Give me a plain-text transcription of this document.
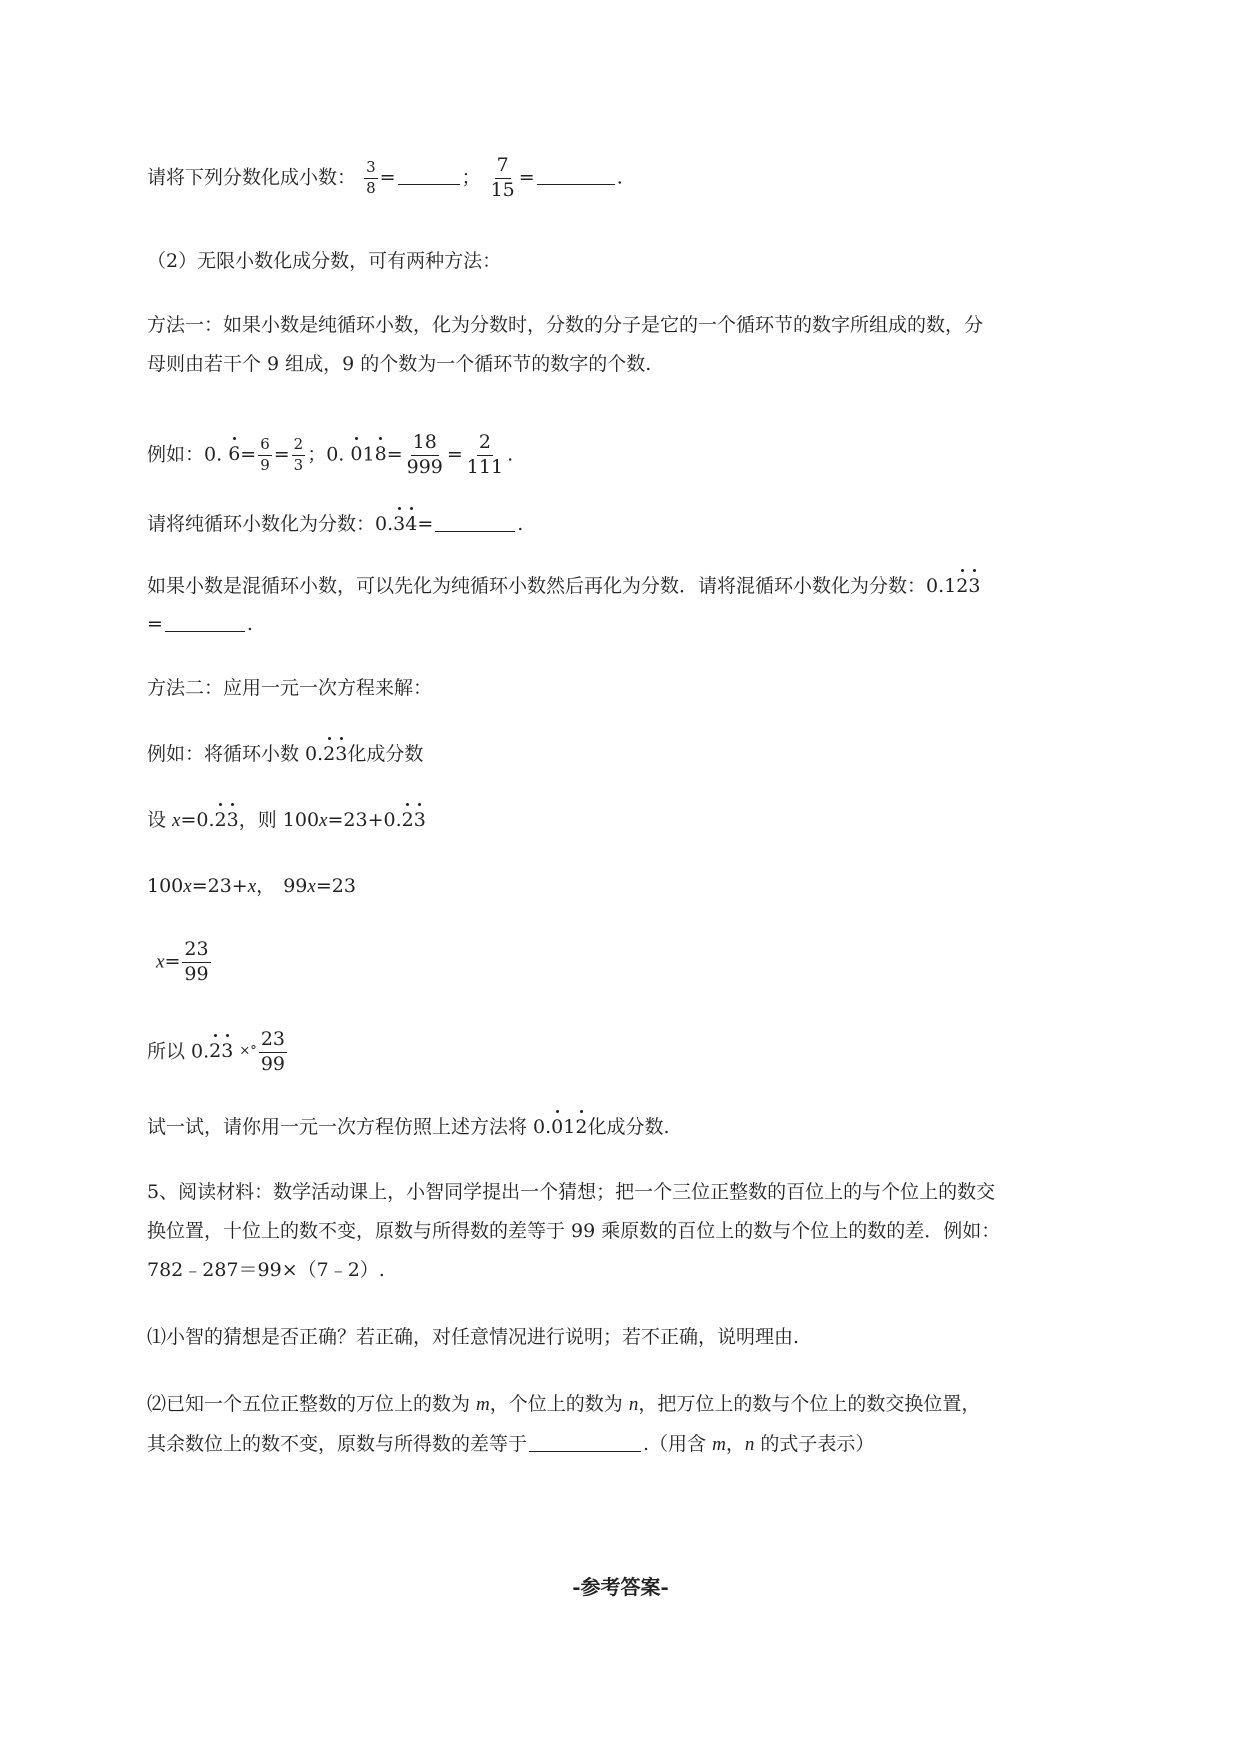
请将下列分数化成小数： $\frac{3}{8}$ =	； $\frac{7}{15}$ =	.
（2）无限小数化成分数，可有两种方法：
方法一：如果小数是纯循环小数，化为分数时，分数的分子是它的一个循环节的数字所组成的数，分
母则由若干个 9 组成，9 的个数为一个循环节的数字的个数.
例如：0. $6= \frac{6}{9} = \frac{2}{3}$ ；0. $018= \frac{18}{999} = \frac{2}{111}$ .
请将纯循环小数化为分数：0.34=	.
如果小数是混循环小数，可以先化为纯循环小数然后再化为分数．请将混循环小数化为分数：0.123
=	.
方法二：应用一元一次方程来解：
例如：将循环小数 0.23化成分数
设 x=0.23，则 100x=23+0.23
100x=23+x， 99x=23
$x= \frac{23}{99}$
所以 0.23 ×° $\frac{23}{99}$
试一试，请你用一元一次方程仿照上述方法将 0.012化成分数.
5、阅读材料：数学活动课上，小智同学提出一个猜想；把一个三位正整数的百位上的与个位上的数交
换位置，十位上的数不变，原数与所得数的差等于 99 乘原数的百位上的数与个位上的数的差．例如：
782﹣287＝99×（7﹣2）.
⑴小智的猜想是否正确？若正确，对任意情况进行说明；若不正确，说明理由.
⑵已知一个五位正整数的万位上的数为 m，个位上的数为 n，把万位上的数与个位上的数交换位置，
其余数位上的数不变，原数与所得数的差等于	.（用含 m，n 的式子表示）
-参考答案-
